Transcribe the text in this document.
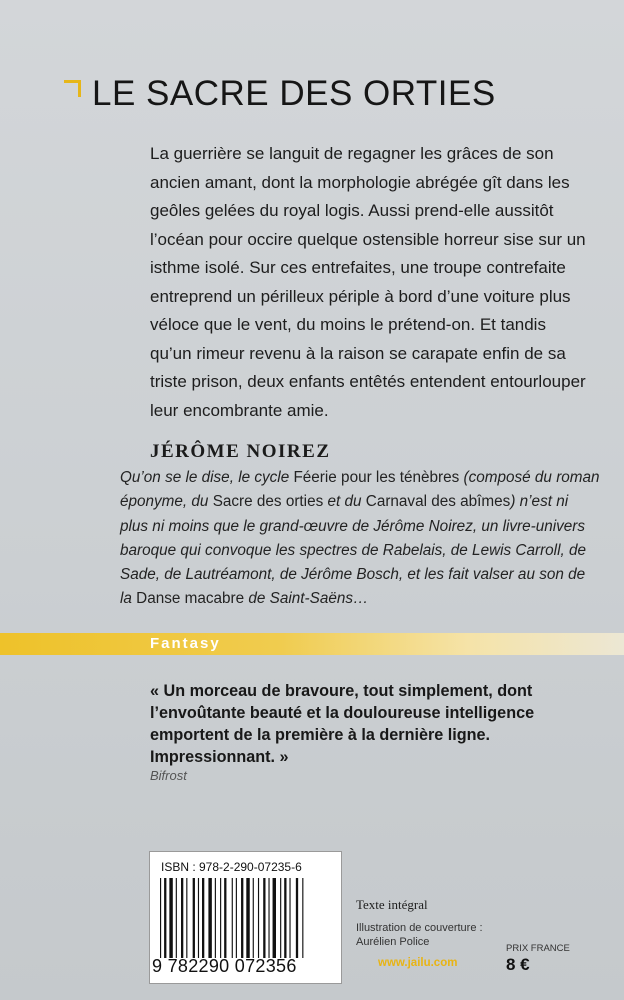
LE SACRE DES ORTIES

La guerrière se languit de regagner les grâces de son ancien amant, dont la morphologie abrégée gît dans les geôles gelées du royal logis. Aussi prend-elle aussitôt l’océan pour occire quelque ostensible horreur sise sur un isthme isolé. Sur ces entrefaites, une troupe contrefaite entreprend un périlleux périple à bord d’une voiture plus véloce que le vent, du moins le prétend-on. Et tandis qu’un rimeur revenu à la raison se carapate enfin de sa triste prison, deux enfants entêtés entendent entourlouper leur encombrante amie.

JÉRÔME NOIREZ

Qu’on se le dise, le cycle Féerie pour les ténèbres (composé du roman éponyme, du Sacre des orties et du Carnaval des abîmes) n’est ni plus ni moins que le grand-œuvre de Jérôme Noirez, un livre-univers baroque qui convoque les spectres de Rabelais, de Lewis Carroll, de Sade, de Lautréamont, de Jérôme Bosch, et les fait valser au son de la Danse macabre de Saint-Saëns…

Fantasy

« Un morceau de bravoure, tout simplement, dont l’envoûtante beauté et la douloureuse intelligence emportent de la première à la dernière ligne. Impressionnant. »

Bifrost

ISBN : 978-2-290-07235-6

9 782290 072356

Texte intégral

Illustration de couverture :

Aurélien Police

www.jailu.com

PRIX FRANCE

8 €
